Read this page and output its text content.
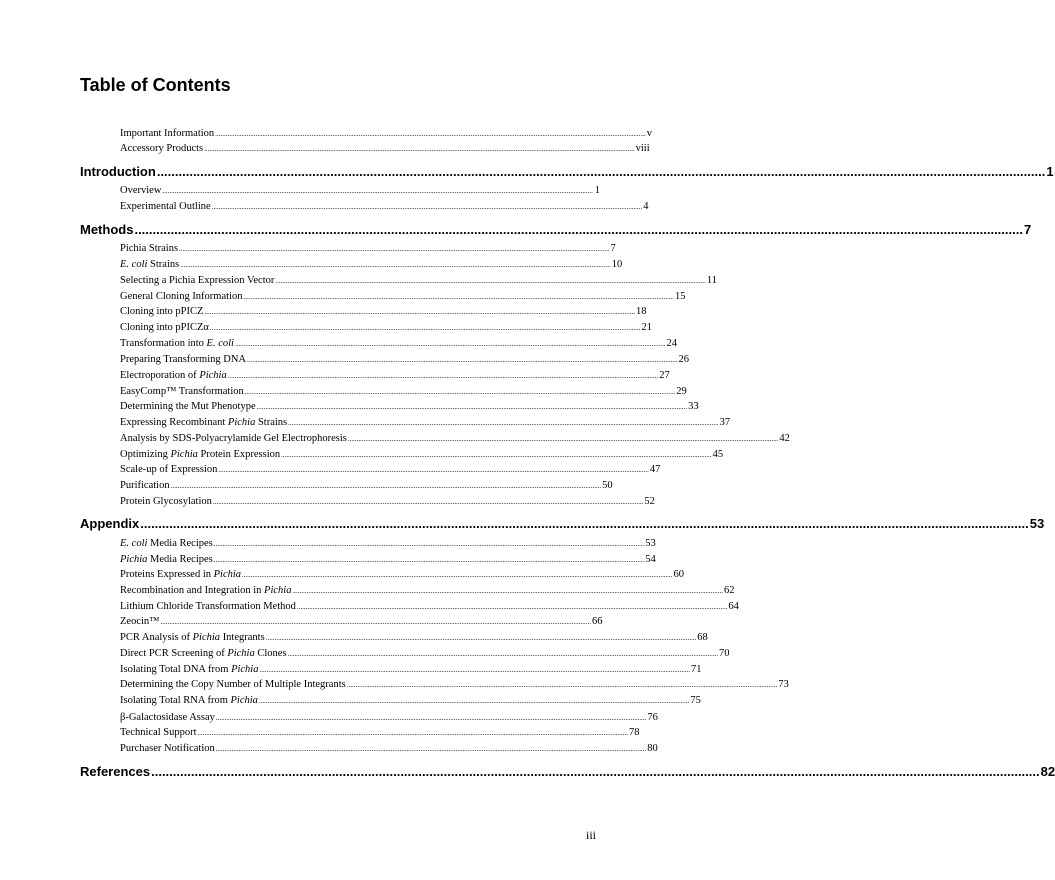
Table of Contents
Important Information ...................................................................................................................................................................................................................................................... v
Accessory Products ...................................................................................................................................................................................................................................................... viii
Introduction ...................................................................................................................................................................................................................................................... 1
Overview ...................................................................................................................................................................................................................................................... 1
Experimental Outline ...................................................................................................................................................................................................................................................... 4
Methods ...................................................................................................................................................................................................................................................... 7
Pichia Strains ...................................................................................................................................................................................................................................................... 7
E. coli Strains ...................................................................................................................................................................................................................................................... 10
Selecting a Pichia Expression Vector ...................................................................................................................................................................................................................................................... 11
General Cloning Information ...................................................................................................................................................................................................................................................... 15
Cloning into pPICZ ...................................................................................................................................................................................................................................................... 18
Cloning into pPICZα ...................................................................................................................................................................................................................................................... 21
Transformation into E. coli ...................................................................................................................................................................................................................................................... 24
Preparing Transforming DNA ...................................................................................................................................................................................................................................................... 26
Electroporation of Pichia ...................................................................................................................................................................................................................................................... 27
EasyComp™ Transformation ...................................................................................................................................................................................................................................................... 29
Determining the Mut Phenotype ...................................................................................................................................................................................................................................................... 33
Expressing Recombinant Pichia Strains ...................................................................................................................................................................................................................................................... 37
Analysis by SDS-Polyacrylamide Gel Electrophoresis ...................................................................................................................................................................................................................................................... 42
Optimizing Pichia Protein Expression ...................................................................................................................................................................................................................................................... 45
Scale-up of Expression ...................................................................................................................................................................................................................................................... 47
Purification ...................................................................................................................................................................................................................................................... 50
Protein Glycosylation ...................................................................................................................................................................................................................................................... 52
Appendix ...................................................................................................................................................................................................................................................... 53
E. coli Media Recipes ...................................................................................................................................................................................................................................................... 53
Pichia Media Recipes ...................................................................................................................................................................................................................................................... 54
Proteins Expressed in Pichia ...................................................................................................................................................................................................................................................... 60
Recombination and Integration in Pichia ...................................................................................................................................................................................................................................................... 62
Lithium Chloride Transformation Method ...................................................................................................................................................................................................................................................... 64
Zeocin™ ...................................................................................................................................................................................................................................................... 66
PCR Analysis of Pichia Integrants ...................................................................................................................................................................................................................................................... 68
Direct PCR Screening of Pichia Clones ...................................................................................................................................................................................................................................................... 70
Isolating Total DNA from Pichia ...................................................................................................................................................................................................................................................... 71
Determining the Copy Number of Multiple Integrants ...................................................................................................................................................................................................................................................... 73
Isolating Total RNA from Pichia ...................................................................................................................................................................................................................................................... 75
β-Galactosidase Assay ...................................................................................................................................................................................................................................................... 76
Technical Support ...................................................................................................................................................................................................................................................... 78
Purchaser Notification ...................................................................................................................................................................................................................................................... 80
References ...................................................................................................................................................................................................................................................... 82
iii
